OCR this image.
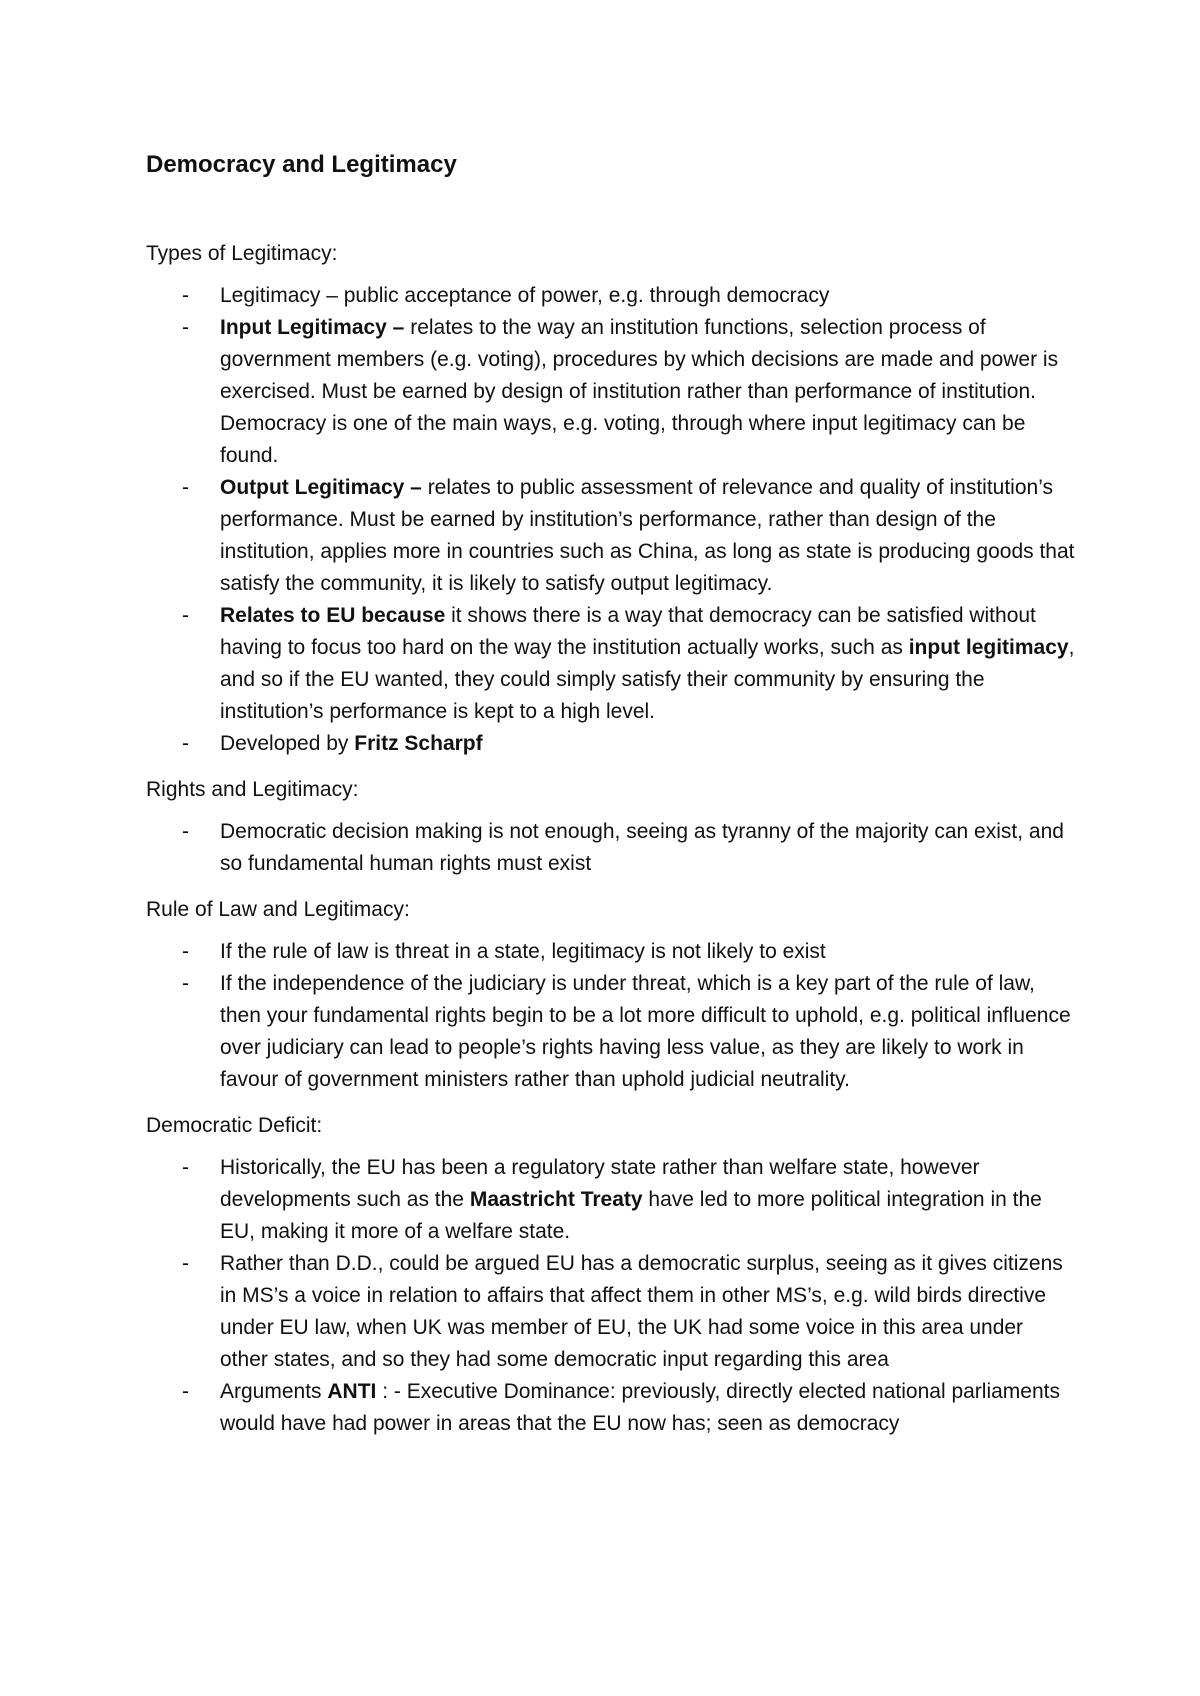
Democracy and Legitimacy
Types of Legitimacy:
- Legitimacy – public acceptance of power, e.g. through democracy
- Input Legitimacy – relates to the way an institution functions, selection process of government members (e.g. voting), procedures by which decisions are made and power is exercised. Must be earned by design of institution rather than performance of institution. Democracy is one of the main ways, e.g. voting, through where input legitimacy can be found.
- Output Legitimacy – relates to public assessment of relevance and quality of institution’s performance. Must be earned by institution’s performance, rather than design of the institution, applies more in countries such as China, as long as state is producing goods that satisfy the community, it is likely to satisfy output legitimacy.
- Relates to EU because it shows there is a way that democracy can be satisfied without having to focus too hard on the way the institution actually works, such as input legitimacy, and so if the EU wanted, they could simply satisfy their community by ensuring the institution’s performance is kept to a high level.
- Developed by Fritz Scharpf
Rights and Legitimacy:
- Democratic decision making is not enough, seeing as tyranny of the majority can exist, and so fundamental human rights must exist
Rule of Law and Legitimacy:
- If the rule of law is threat in a state, legitimacy is not likely to exist
- If the independence of the judiciary is under threat, which is a key part of the rule of law, then your fundamental rights begin to be a lot more difficult to uphold, e.g. political influence over judiciary can lead to people’s rights having less value, as they are likely to work in favour of government ministers rather than uphold judicial neutrality.
Democratic Deficit:
- Historically, the EU has been a regulatory state rather than welfare state, however developments such as the Maastricht Treaty have led to more political integration in the EU, making it more of a welfare state.
- Rather than D.D., could be argued EU has a democratic surplus, seeing as it gives citizens in MS’s a voice in relation to affairs that affect them in other MS’s, e.g. wild birds directive under EU law, when UK was member of EU, the UK had some voice in this area under other states, and so they had some democratic input regarding this area
- Arguments ANTI : - Executive Dominance: previously, directly elected national parliaments would have had power in areas that the EU now has; seen as democracy
